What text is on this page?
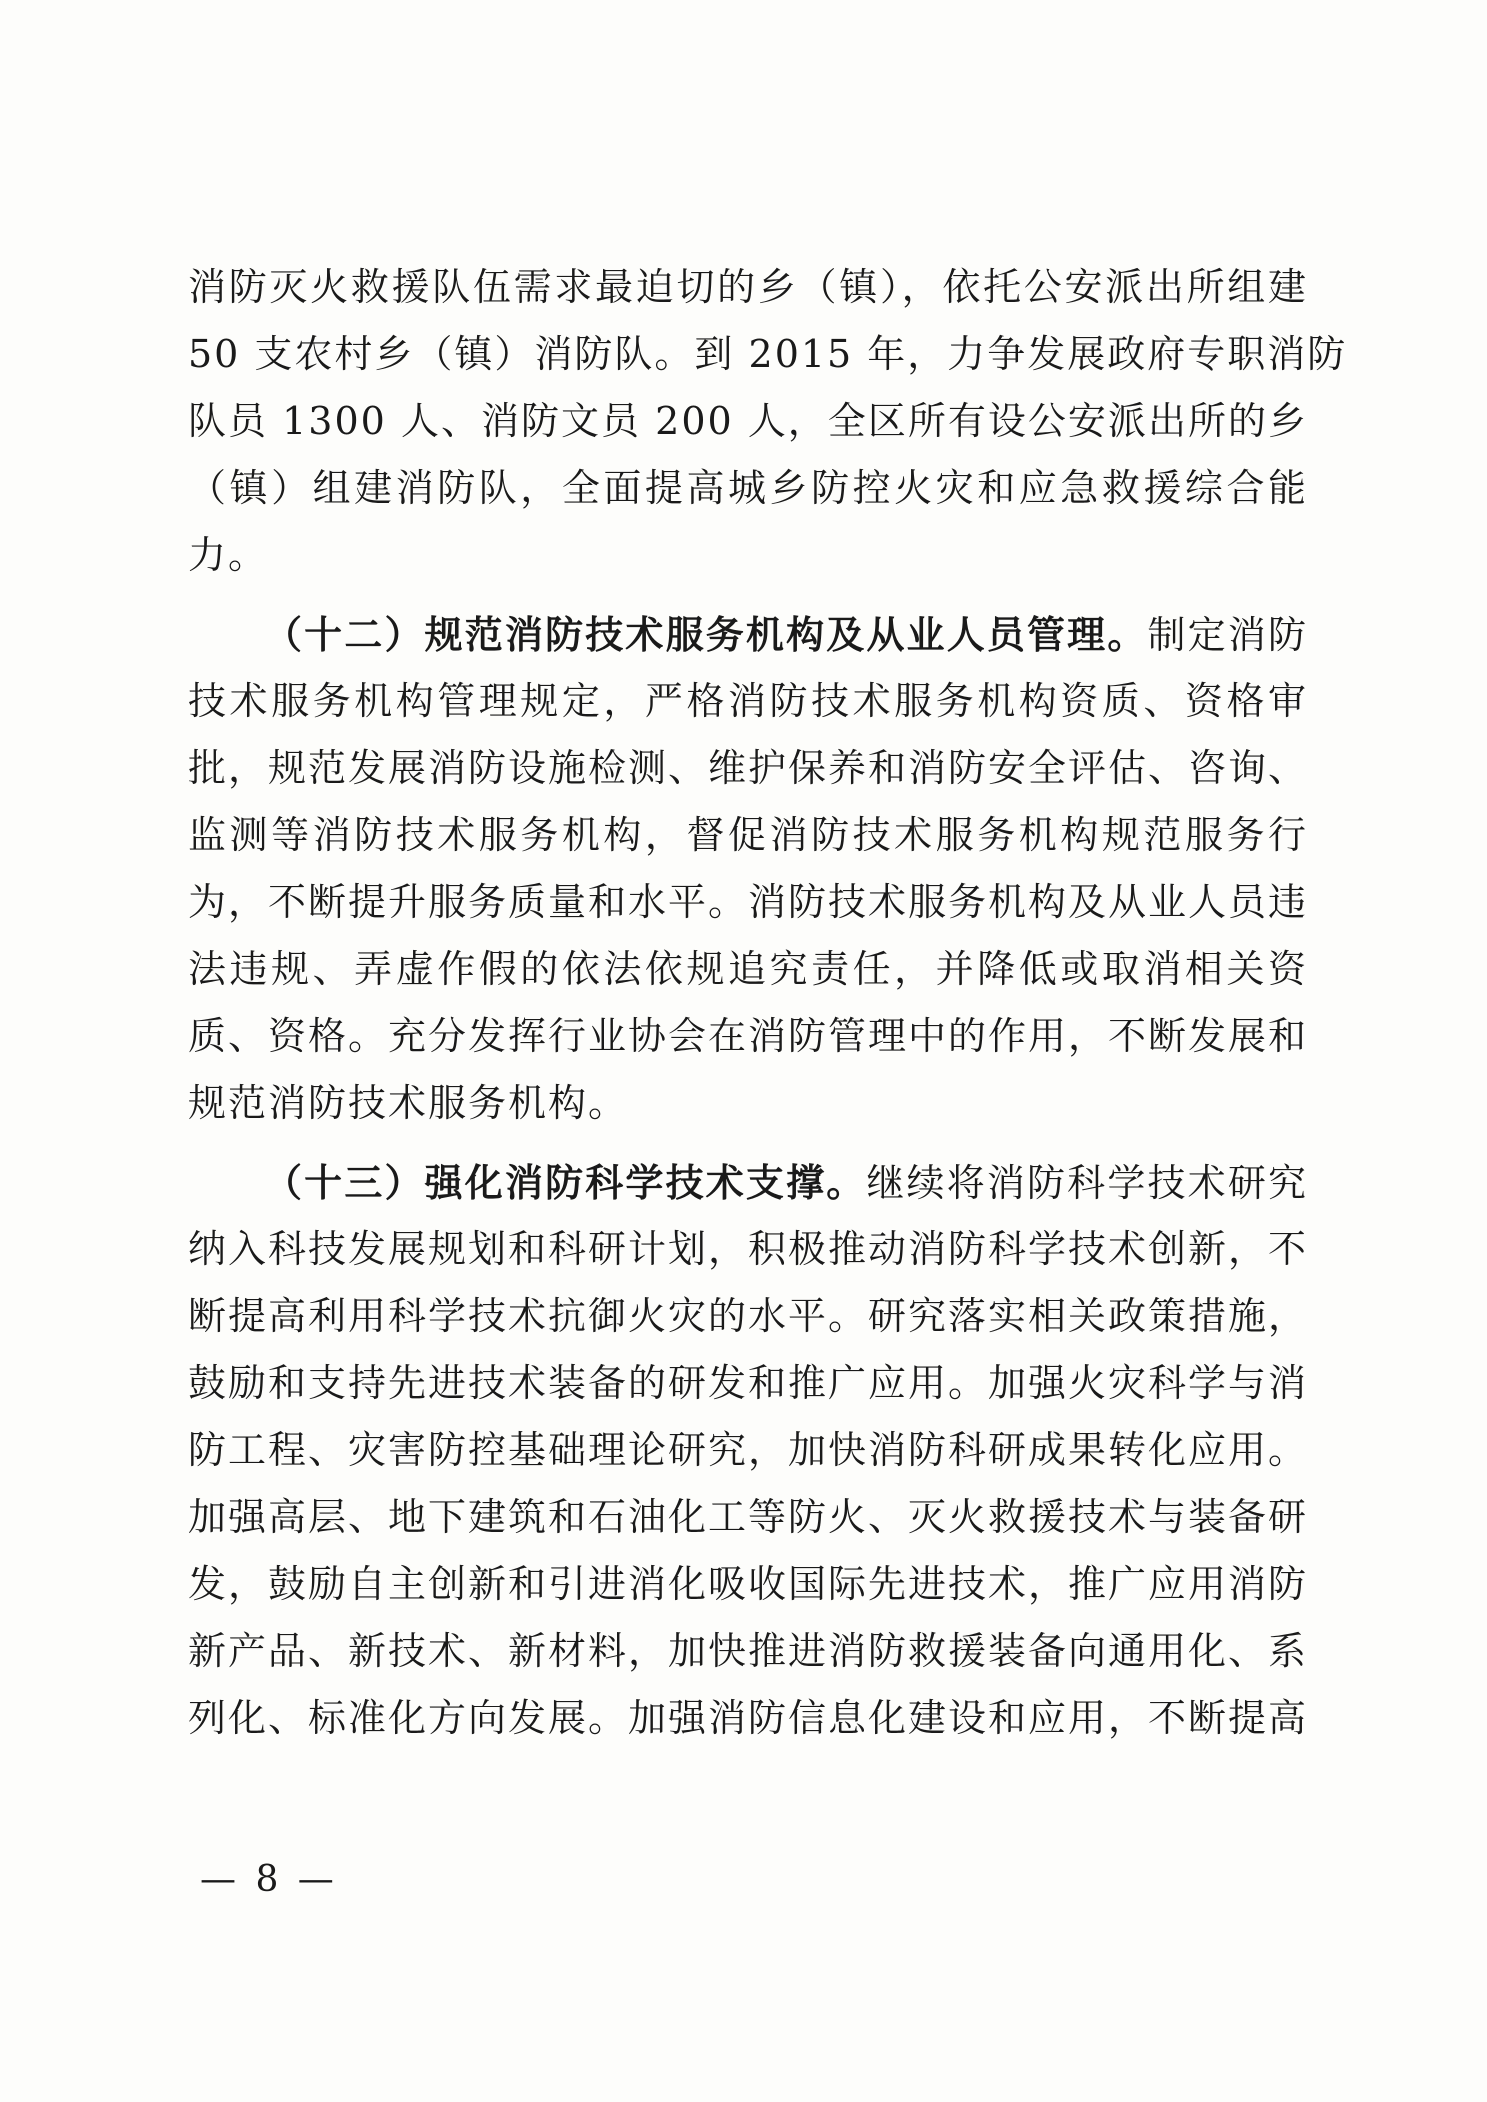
消防灭火救援队伍需求最迫切的乡（镇），依托公安派出所组建
50 支农村乡（镇）消防队。到 2015 年，力争发展政府专职消防
队员 1300 人、消防文员 200 人，全区所有设公安派出所的乡
（镇）组建消防队，全面提高城乡防控火灾和应急救援综合能
力。
（十二）规范消防技术服务机构及从业人员管理。制定消防
技术服务机构管理规定，严格消防技术服务机构资质、资格审
批，规范发展消防设施检测、维护保养和消防安全评估、咨询、
监测等消防技术服务机构，督促消防技术服务机构规范服务行
为，不断提升服务质量和水平。消防技术服务机构及从业人员违
法违规、弄虚作假的依法依规追究责任，并降低或取消相关资
质、资格。充分发挥行业协会在消防管理中的作用，不断发展和
规范消防技术服务机构。
（十三）强化消防科学技术支撑。继续将消防科学技术研究
纳入科技发展规划和科研计划，积极推动消防科学技术创新，不
断提高利用科学技术抗御火灾的水平。研究落实相关政策措施，
鼓励和支持先进技术装备的研发和推广应用。加强火灾科学与消
防工程、灾害防控基础理论研究，加快消防科研成果转化应用。
加强高层、地下建筑和石油化工等防火、灭火救援技术与装备研
发，鼓励自主创新和引进消化吸收国际先进技术，推广应用消防
新产品、新技术、新材料，加快推进消防救援装备向通用化、系
列化、标准化方向发展。加强消防信息化建设和应用，不断提高
— 8 —
